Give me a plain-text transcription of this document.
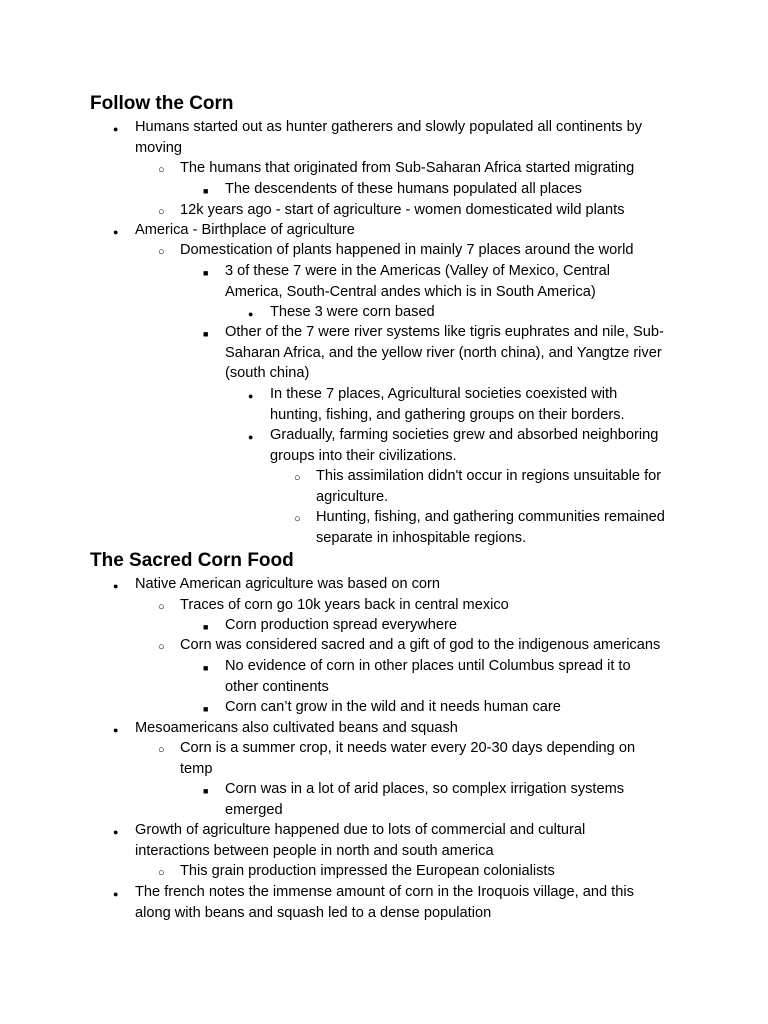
Follow the Corn
●
Humans started out as hunter gatherers and slowly populated all continents by moving
○
The humans that originated from Sub-Saharan Africa started migrating
■
The descendents of these humans populated all places
○
12k years ago - start of agriculture - women domesticated wild plants
●
America - Birthplace of agriculture
○
Domestication of plants happened in mainly 7 places around the world
■
3 of these 7 were in the Americas (Valley of Mexico, Central America, South-Central andes which is in South America)
●
These 3 were corn based
■
Other of the 7 were river systems like tigris euphrates and nile, Sub-Saharan Africa, and the yellow river (north china), and Yangtze river (south china)
●
In these 7 places, Agricultural societies coexisted with hunting, fishing, and gathering groups on their borders.
●
Gradually, farming societies grew and absorbed neighboring groups into their civilizations.
○
This assimilation didn't occur in regions unsuitable for agriculture.
○
Hunting, fishing, and gathering communities remained separate in inhospitable regions.
The Sacred Corn Food
●
Native American agriculture was based on corn
○
Traces of corn go 10k years back in central mexico
■
Corn production spread everywhere
○
Corn was considered sacred and a gift of god to the indigenous americans
■
No evidence of corn in other places until Columbus spread it to other continents
■
Corn can’t grow in the wild and it needs human care
●
Mesoamericans also cultivated beans and squash
○
Corn is a summer crop, it needs water every 20-30 days depending on temp
■
Corn was in a lot of arid places, so complex irrigation systems emerged
●
Growth of agriculture happened due to lots of commercial and cultural interactions between people in north and south america
○
This grain production impressed the European colonialists
●
The french notes the immense amount of corn in the Iroquois village, and this along with beans and squash led to a dense population
